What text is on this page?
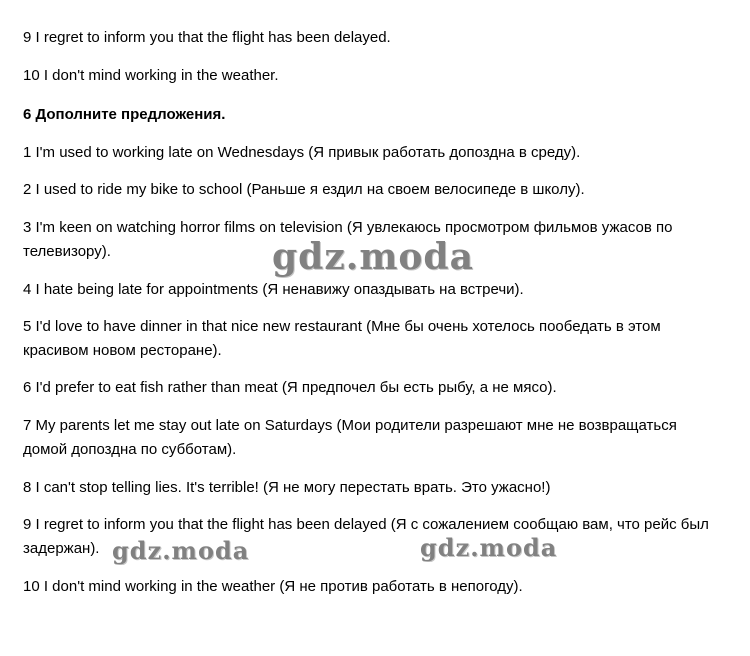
9 I regret to inform you that the flight has been delayed.
10 I don't mind working in the weather.
6 Дополните предложения.
1 I'm used to working late on Wednesdays (Я привык работать допоздна в среду).
2 I used to ride my bike to school (Раньше я ездил на своем велосипеде в школу).
3 I'm keen on watching horror films on television (Я увлекаюсь просмотром фильмов ужасов по телевизору).
4 I hate being late for appointments (Я ненавижу опаздывать на встречи).
5 I'd love to have dinner in that nice new restaurant (Мне бы очень хотелось пообедать в этом красивом новом ресторане).
6 I'd prefer to eat fish rather than meat (Я предпочел бы есть рыбу, а не мясо).
7 My parents let me stay out late on Saturdays (Мои родители разрешают мне не возвращаться домой допоздна по субботам).
8 I can't stop telling lies. It's terrible! (Я не могу перестать врать. Это ужасно!)
9 I regret to inform you that the flight has been delayed (Я с сожалением сообщаю вам, что рейс был задержан).
10 I don't mind working in the weather (Я не против работать в непогоду).
gdz.moda
gdz.moda	gdz.moda
